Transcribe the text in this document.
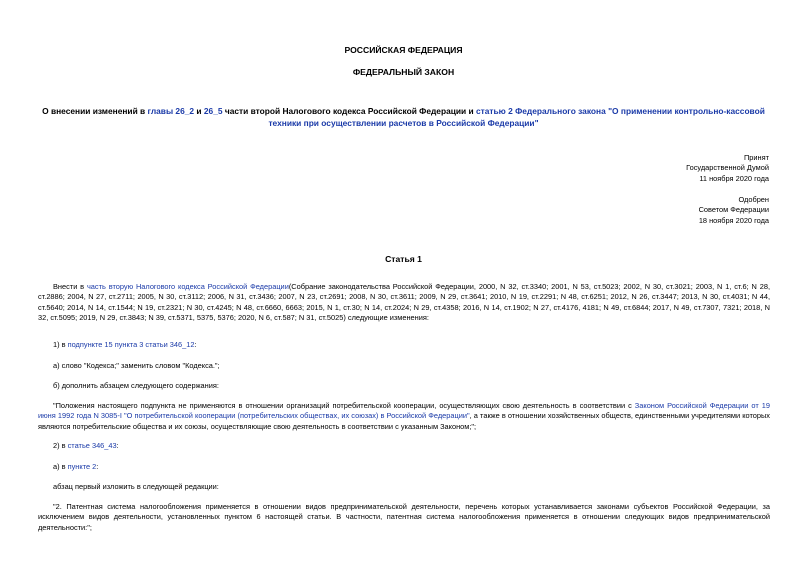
РОССИЙСКАЯ ФЕДЕРАЦИЯ
ФЕДЕРАЛЬНЫЙ ЗАКОН
О внесении изменений в главы 26_2 и 26_5 части второй Налогового кодекса Российской Федерации и статью 2 Федерального закона "О применении контрольно-кассовой техники при осуществлении расчетов в Российской Федерации"
Принят
Государственной Думой
11 ноября 2020 года
Одобрен
Советом Федерации
18 ноября 2020 года
Статья 1
Внести в часть вторую Налогового кодекса Российской Федерации(Собрание законодательства Российской Федерации, 2000, N 32, ст.3340; 2001, N 53, ст.5023; 2002, N 30, ст.3021; 2003, N 1, ст.6; N 28, ст.2886; 2004, N 27, ст.2711; 2005, N 30, ст.3112; 2006, N 31, ст.3436; 2007, N 23, ст.2691; 2008, N 30, ст.3611; 2009, N 29, ст.3641; 2010, N 19, ст.2291; N 48, ст.6251; 2012, N 26, ст.3447; 2013, N 30, ст.4031; N 44, ст.5640; 2014, N 14, ст.1544; N 19, ст.2321; N 30, ст.4245; N 48, ст.6660, 6663; 2015, N 1, ст.30; N 14, ст.2024; N 29, ст.4358; 2016, N 14, ст.1902; N 27, ст.4176, 4181; N 49, ст.6844; 2017, N 49, ст.7307, 7321; 2018, N 32, ст.5095; 2019, N 29, ст.3843; N 39, ст.5371, 5375, 5376; 2020, N 6, ст.587; N 31, ст.5025) следующие изменения:
1) в подпункте 15 пункта 3 статьи 346_12:
а) слово "Кодекса;" заменить словом "Кодекса.";
б) дополнить абзацем следующего содержания:
"Положения настоящего подпункта не применяются в отношении организаций потребительской кооперации, осуществляющих свою деятельность в соответствии с Законом Российской Федерации от 19 июня 1992 года N 3085-I "О потребительской кооперации (потребительских обществах, их союзах) в Российской Федерации", а также в отношении хозяйственных обществ, единственными учредителями которых являются потребительские общества и их союзы, осуществляющие свою деятельность в соответствии с указанным Законом;";
2) в статье 346_43:
а) в пункте 2:
абзац первый изложить в следующей редакции:
"2. Патентная система налогообложения применяется в отношении видов предпринимательской деятельности, перечень которых устанавливается законами субъектов Российской Федерации, за исключением видов деятельности, установленных пунктом 6 настоящей статьи. В частности, патентная система налогообложения применяется в отношении следующих видов предпринимательской деятельности:";
